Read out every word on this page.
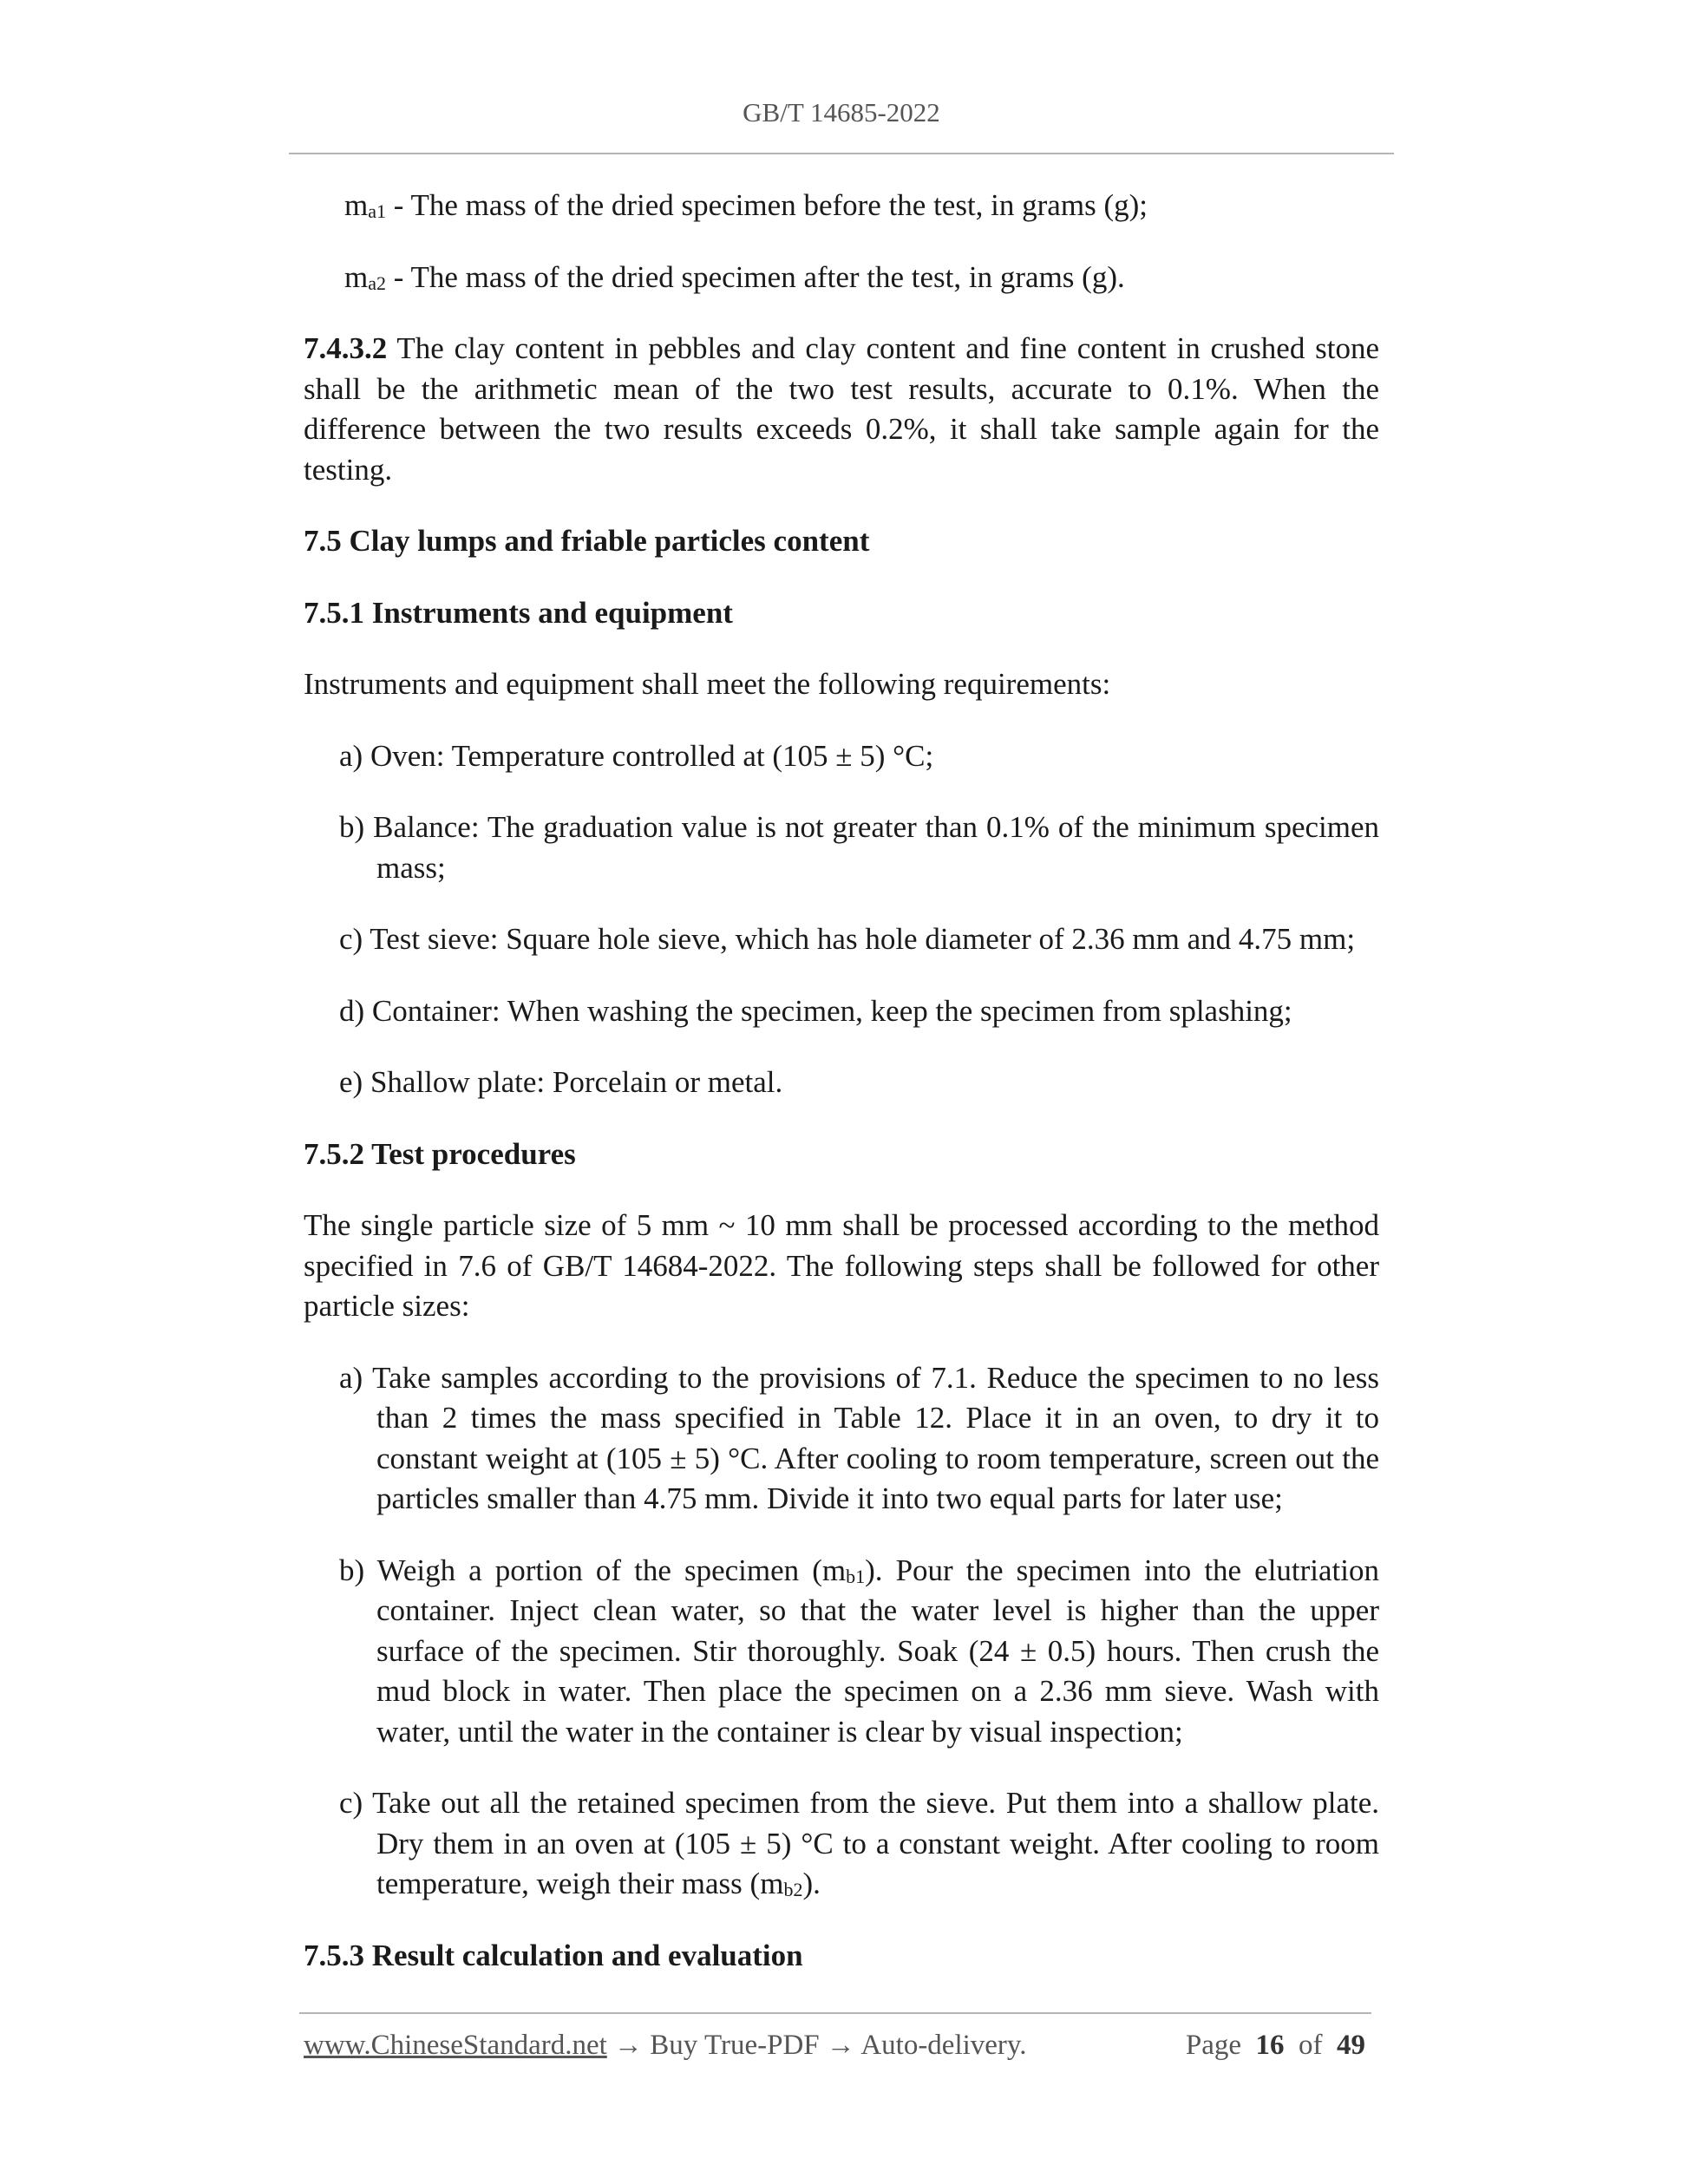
GB/T 14685-2022

$m_{a1}$ - The mass of the dried specimen before the test, in grams (g);

$m_{a2}$ - The mass of the dried specimen after the test, in grams (g).

7.4.3.2 The clay content in pebbles and clay content and fine content in crushed stone shall be the arithmetic mean of the two test results, accurate to 0.1%. When the difference between the two results exceeds 0.2%, it shall take sample again for the testing.

7.5 Clay lumps and friable particles content

7.5.1 Instruments and equipment

Instruments and equipment shall meet the following requirements:

a) Oven: Temperature controlled at (105 ± 5) °C;

b) Balance: The graduation value is not greater than 0.1% of the minimum specimen mass;

c) Test sieve: Square hole sieve, which has hole diameter of 2.36 mm and 4.75 mm;

d) Container: When washing the specimen, keep the specimen from splashing;

e) Shallow plate: Porcelain or metal.

7.5.2 Test procedures

The single particle size of 5 mm ~ 10 mm shall be processed according to the method specified in 7.6 of GB/T 14684-2022. The following steps shall be followed for other particle sizes:

a) Take samples according to the provisions of 7.1. Reduce the specimen to no less than 2 times the mass specified in Table 12. Place it in an oven, to dry it to constant weight at (105 ± 5) °C. After cooling to room temperature, screen out the particles smaller than 4.75 mm. Divide it into two equal parts for later use;

b) Weigh a portion of the specimen $(m_{b1})$. Pour the specimen into the elutriation container. Inject clean water, so that the water level is higher than the upper surface of the specimen. Stir thoroughly. Soak (24 ± 0.5) hours. Then crush the mud block in water. Then place the specimen on a 2.36 mm sieve. Wash with water, until the water in the container is clear by visual inspection;

c) Take out all the retained specimen from the sieve. Put them into a shallow plate. Dry them in an oven at (105 ± 5) °C to a constant weight. After cooling to room temperature, weigh their mass $(m_{b2})$.

7.5.3 Result calculation and evaluation

www.ChineseStandard.net → Buy True-PDF → Auto-delivery.	Page 16 of 49
